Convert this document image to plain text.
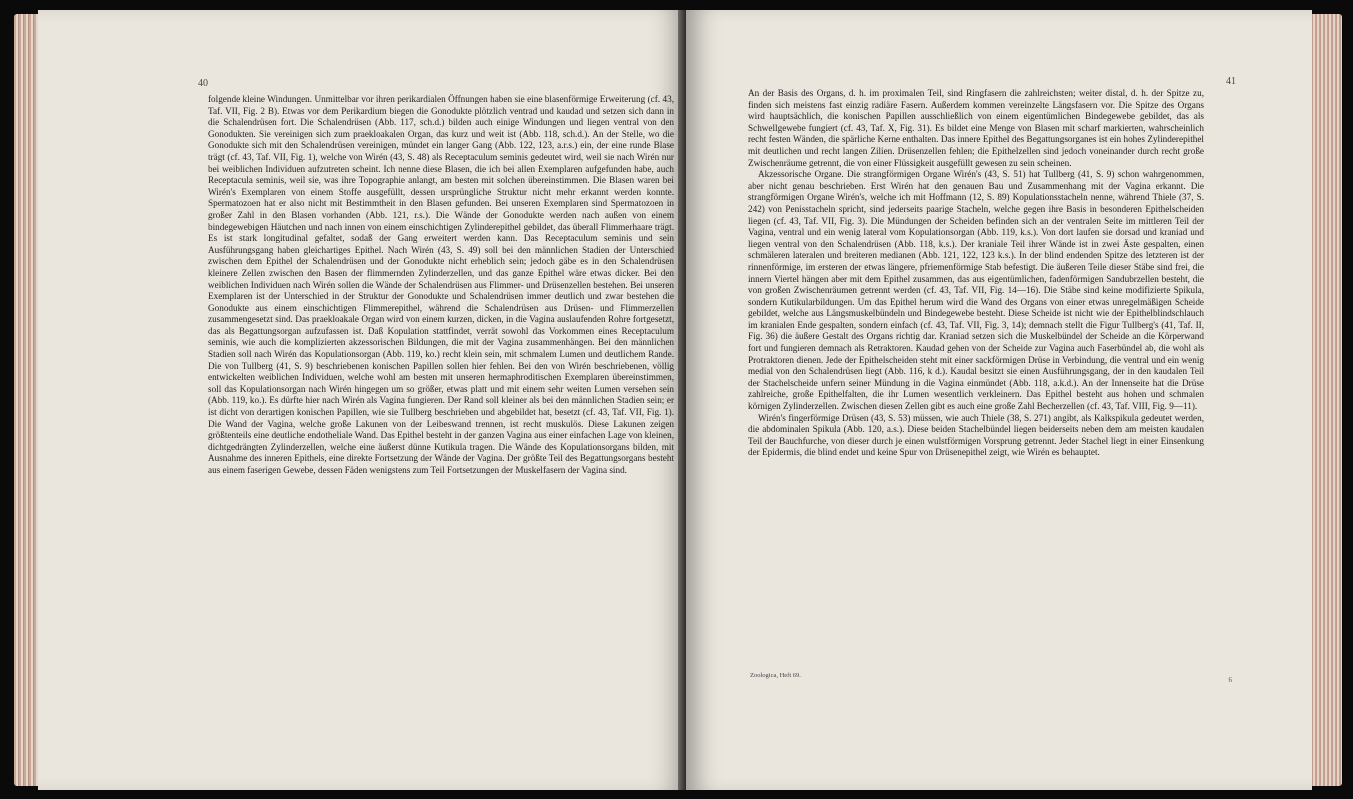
40

folgende kleine Windungen. Unmittelbar vor ihren perikardialen Öffnungen haben sie eine blasenförmige Erweiterung (cf. 43, Taf. VII, Fig. 2 B). Etwas vor dem Perikardium biegen die Gonodukte plötzlich ventrad und kaudad und setzen sich dann in die Schalendrüsen fort. Die Schalendrüsen (Abb. 117, sch.d.) bilden auch einige Windungen und liegen ventral von den Gonodukten. Sie vereinigen sich zum praekloakalen Organ, das kurz und weit ist (Abb. 118, sch.d.). An der Stelle, wo die Gonodukte sich mit den Schalendrüsen vereinigen, mündet ein langer Gang (Abb. 122, 123, a.r.s.) ein, der eine runde Blase trägt (cf. 43, Taf. VII, Fig. 1), welche von Wirén (43, S. 48) als Receptaculum seminis gedeutet wird, weil sie nach Wirén nur bei weiblichen Individuen aufzutreten scheint. Ich nenne diese Blasen, die ich bei allen Exemplaren aufgefunden habe, auch Receptacula seminis, weil sie, was ihre Topographie anlangt, am besten mit solchen übereinstimmen. Die Blasen waren bei Wirén's Exemplaren von einem Stoffe ausgefüllt, dessen ursprüngliche Struktur nicht mehr erkannt werden konnte. Spermatozoen hat er also nicht mit Bestimmtheit in den Blasen gefunden. Bei unseren Exemplaren sind Spermatozoen in großer Zahl in den Blasen vorhanden (Abb. 121, r.s.). Die Wände der Gonodukte werden nach außen von einem bindegewebigen Häutchen und nach innen von einem einschichtigen Zylinderepithel gebildet, das überall Flimmerhaare trägt. Es ist stark longitudinal gefaltet, sodaß der Gang erweitert werden kann. Das Receptaculum seminis und sein Ausführungsgang haben gleichartiges Epithel. Nach Wirén (43, S. 49) soll bei den männlichen Stadien der Unterschied zwischen dem Epithel der Schalendrüsen und der Gonodukte nicht erheblich sein; jedoch gäbe es in den Schalendrüsen kleinere Zellen zwischen den Basen der flimmernden Zylinderzellen, und das ganze Epithel wäre etwas dicker. Bei den weiblichen Individuen nach Wirén sollen die Wände der Schalendrüsen aus Flimmer- und Drüsenzellen bestehen. Bei unseren Exemplaren ist der Unterschied in der Struktur der Gonodukte und Schalendrüsen immer deutlich und zwar bestehen die Gonodukte aus einem einschichtigen Flimmerepithel, während die Schalendrüsen aus Drüsen- und Flimmerzellen zusammengesetzt sind. Das praekloakale Organ wird von einem kurzen, dicken, in die Vagina auslaufenden Rohre fortgesetzt, das als Begattungsorgan aufzufassen ist. Daß Kopulation stattfindet, verrät sowohl das Vorkommen eines Receptaculum seminis, wie auch die komplizierten akzessorischen Bildungen, die mit der Vagina zusammenhängen. Bei den männlichen Stadien soll nach Wirén das Kopulationsorgan (Abb. 119, ko.) recht klein sein, mit schmalem Lumen und deutlichem Rande. Die von Tullberg (41, S. 9) beschriebenen konischen Papillen sollen hier fehlen. Bei den von Wirén beschriebenen, völlig entwickelten weiblichen Individuen, welche wohl am besten mit unseren hermaphroditischen Exemplaren übereinstimmen, soll das Kopulationsorgan nach Wirén hingegen um so größer, etwas platt und mit einem sehr weiten Lumen versehen sein (Abb. 119, ko.). Es dürfte hier nach Wirén als Vagina fungieren. Der Rand soll kleiner als bei den männlichen Stadien sein; er ist dicht von derartigen konischen Papillen, wie sie Tullberg beschrieben und abgebildet hat, besetzt (cf. 43, Taf. VII, Fig. 1). Die Wand der Vagina, welche große Lakunen von der Leibeswand trennen, ist recht muskulös. Diese Lakunen zeigen größtenteils eine deutliche endotheliale Wand. Das Epithel besteht in der ganzen Vagina aus einer einfachen Lage von kleinen, dichtgedrängten Zylinderzellen, welche eine äußerst dünne Kutikula tragen. Die Wände des Kopulationsorgans bilden, mit Ausnahme des inneren Epithels, eine direkte Fortsetzung der Wände der Vagina. Der größte Teil des Begattungsorgans besteht aus einem faserigen Gewebe, dessen Fäden wenigstens zum Teil Fortsetzungen der Muskelfasern der Vagina sind.

41

An der Basis des Organs, d. h. im proximalen Teil, sind Ringfasern die zahlreichsten; weiter distal, d. h. der Spitze zu, finden sich meistens fast einzig radiäre Fasern. Außerdem kommen vereinzelte Längsfasern vor. Die Spitze des Organs wird hauptsächlich, die konischen Papillen ausschließlich von einem eigentümlichen Bindegewebe gebildet, das als Schwellgewebe fungiert (cf. 43, Taf. X, Fig. 31). Es bildet eine Menge von Blasen mit scharf markierten, wahrscheinlich recht festen Wänden, die spärliche Kerne enthalten. Das innere Epithel des Begattungsorganes ist ein hohes Zylinderepithel mit deutlichen und recht langen Zilien. Drüsenzellen fehlen; die Epithelzellen sind jedoch voneinander durch recht große Zwischenräume getrennt, die von einer Flüssigkeit ausgefüllt gewesen zu sein scheinen.

Akzessorische Organe. Die strangförmigen Organe Wirén's (43, S. 51) hat Tullberg (41, S. 9) schon wahrgenommen, aber nicht genau beschrieben. Erst Wirén hat den genauen Bau und Zusammenhang mit der Vagina erkannt. Die strangförmigen Organe Wirén's, welche ich mit Hoffmann (12, S. 89) Kopulationsstacheln nenne, während Thiele (37, S. 242) von Penisstacheln spricht, sind jederseits paarige Stacheln, welche gegen ihre Basis in besonderen Epithelscheiden liegen (cf. 43, Taf. VII, Fig. 3). Die Mündungen der Scheiden befinden sich an der ventralen Seite im mittleren Teil der Vagina, ventral und ein wenig lateral vom Kopulationsorgan (Abb. 119, k.s.). Von dort laufen sie dorsad und kraniad und liegen ventral von den Schalendrüsen (Abb. 118, k.s.). Der kraniale Teil ihrer Wände ist in zwei Äste gespalten, einen schmäleren lateralen und breiteren medianen (Abb. 121, 122, 123 k.s.). In der blind endenden Spitze des letzteren ist der rinnenförmige, im ersteren der etwas längere, pfriemenförmige Stab befestigt. Die äußeren Teile dieser Stäbe sind frei, die innern Viertel hängen aber mit dem Epithel zusammen, das aus eigentümlichen, fadenförmigen Sandubrzellen besteht, die von großen Zwischenräumen getrennt werden (cf. 43, Taf. VII, Fig. 14—16). Die Stäbe sind keine modifizierte Spikula, sondern Kutikularbildungen. Um das Epithel herum wird die Wand des Organs von einer etwas unregelmäßigen Scheide gebildet, welche aus Längsmuskelbündeln und Bindegewebe besteht. Diese Scheide ist nicht wie der Epithelblindschlauch im kranialen Ende gespalten, sondern einfach (cf. 43, Taf. VII, Fig. 3, 14); demnach stellt die Figur Tullberg's (41, Taf. II, Fig. 36) die äußere Gestalt des Organs richtig dar. Kraniad setzen sich die Muskelbündel der Scheide an die Körperwand fort und fungieren demnach als Retraktoren. Kaudad gehen von der Scheide zur Vagina auch Faserbündel ab, die wohl als Protraktoren dienen. Jede der Epithelscheiden steht mit einer sackförmigen Drüse in Verbindung, die ventral und ein wenig medial von den Schalendrüsen liegt (Abb. 116, k d.). Kaudal besitzt sie einen Ausführungsgang, der in den kaudalen Teil der Stachelscheide unfern seiner Mündung in die Vagina einmündet (Abb. 118, a.k.d.). An der Innenseite hat die Drüse zahlreiche, große Epithelfalten, die ihr Lumen wesentlich verkleinern. Das Epithel besteht aus hohen und schmalen körnigen Zylinderzellen. Zwischen diesen Zellen gibt es auch eine große Zahl Becherzellen (cf. 43, Taf. VIII, Fig. 9—11).

Wirén's fingerförmige Drüsen (43, S. 53) müssen, wie auch Thiele (38, S. 271) angibt, als Kalkspikula gedeutet werden, die abdominalen Spikula (Abb. 120, a.s.). Diese beiden Stachelbündel liegen beiderseits neben dem am meisten kaudalen Teil der Bauchfurche, von dieser durch je einen wulstförmigen Vorsprung getrennt. Jeder Stachel liegt in einer Einsenkung der Epidermis, die blind endet und keine Spur von Drüsenepithel zeigt, wie Wirén es behauptet.

Zoologica, Heft 69.
6
